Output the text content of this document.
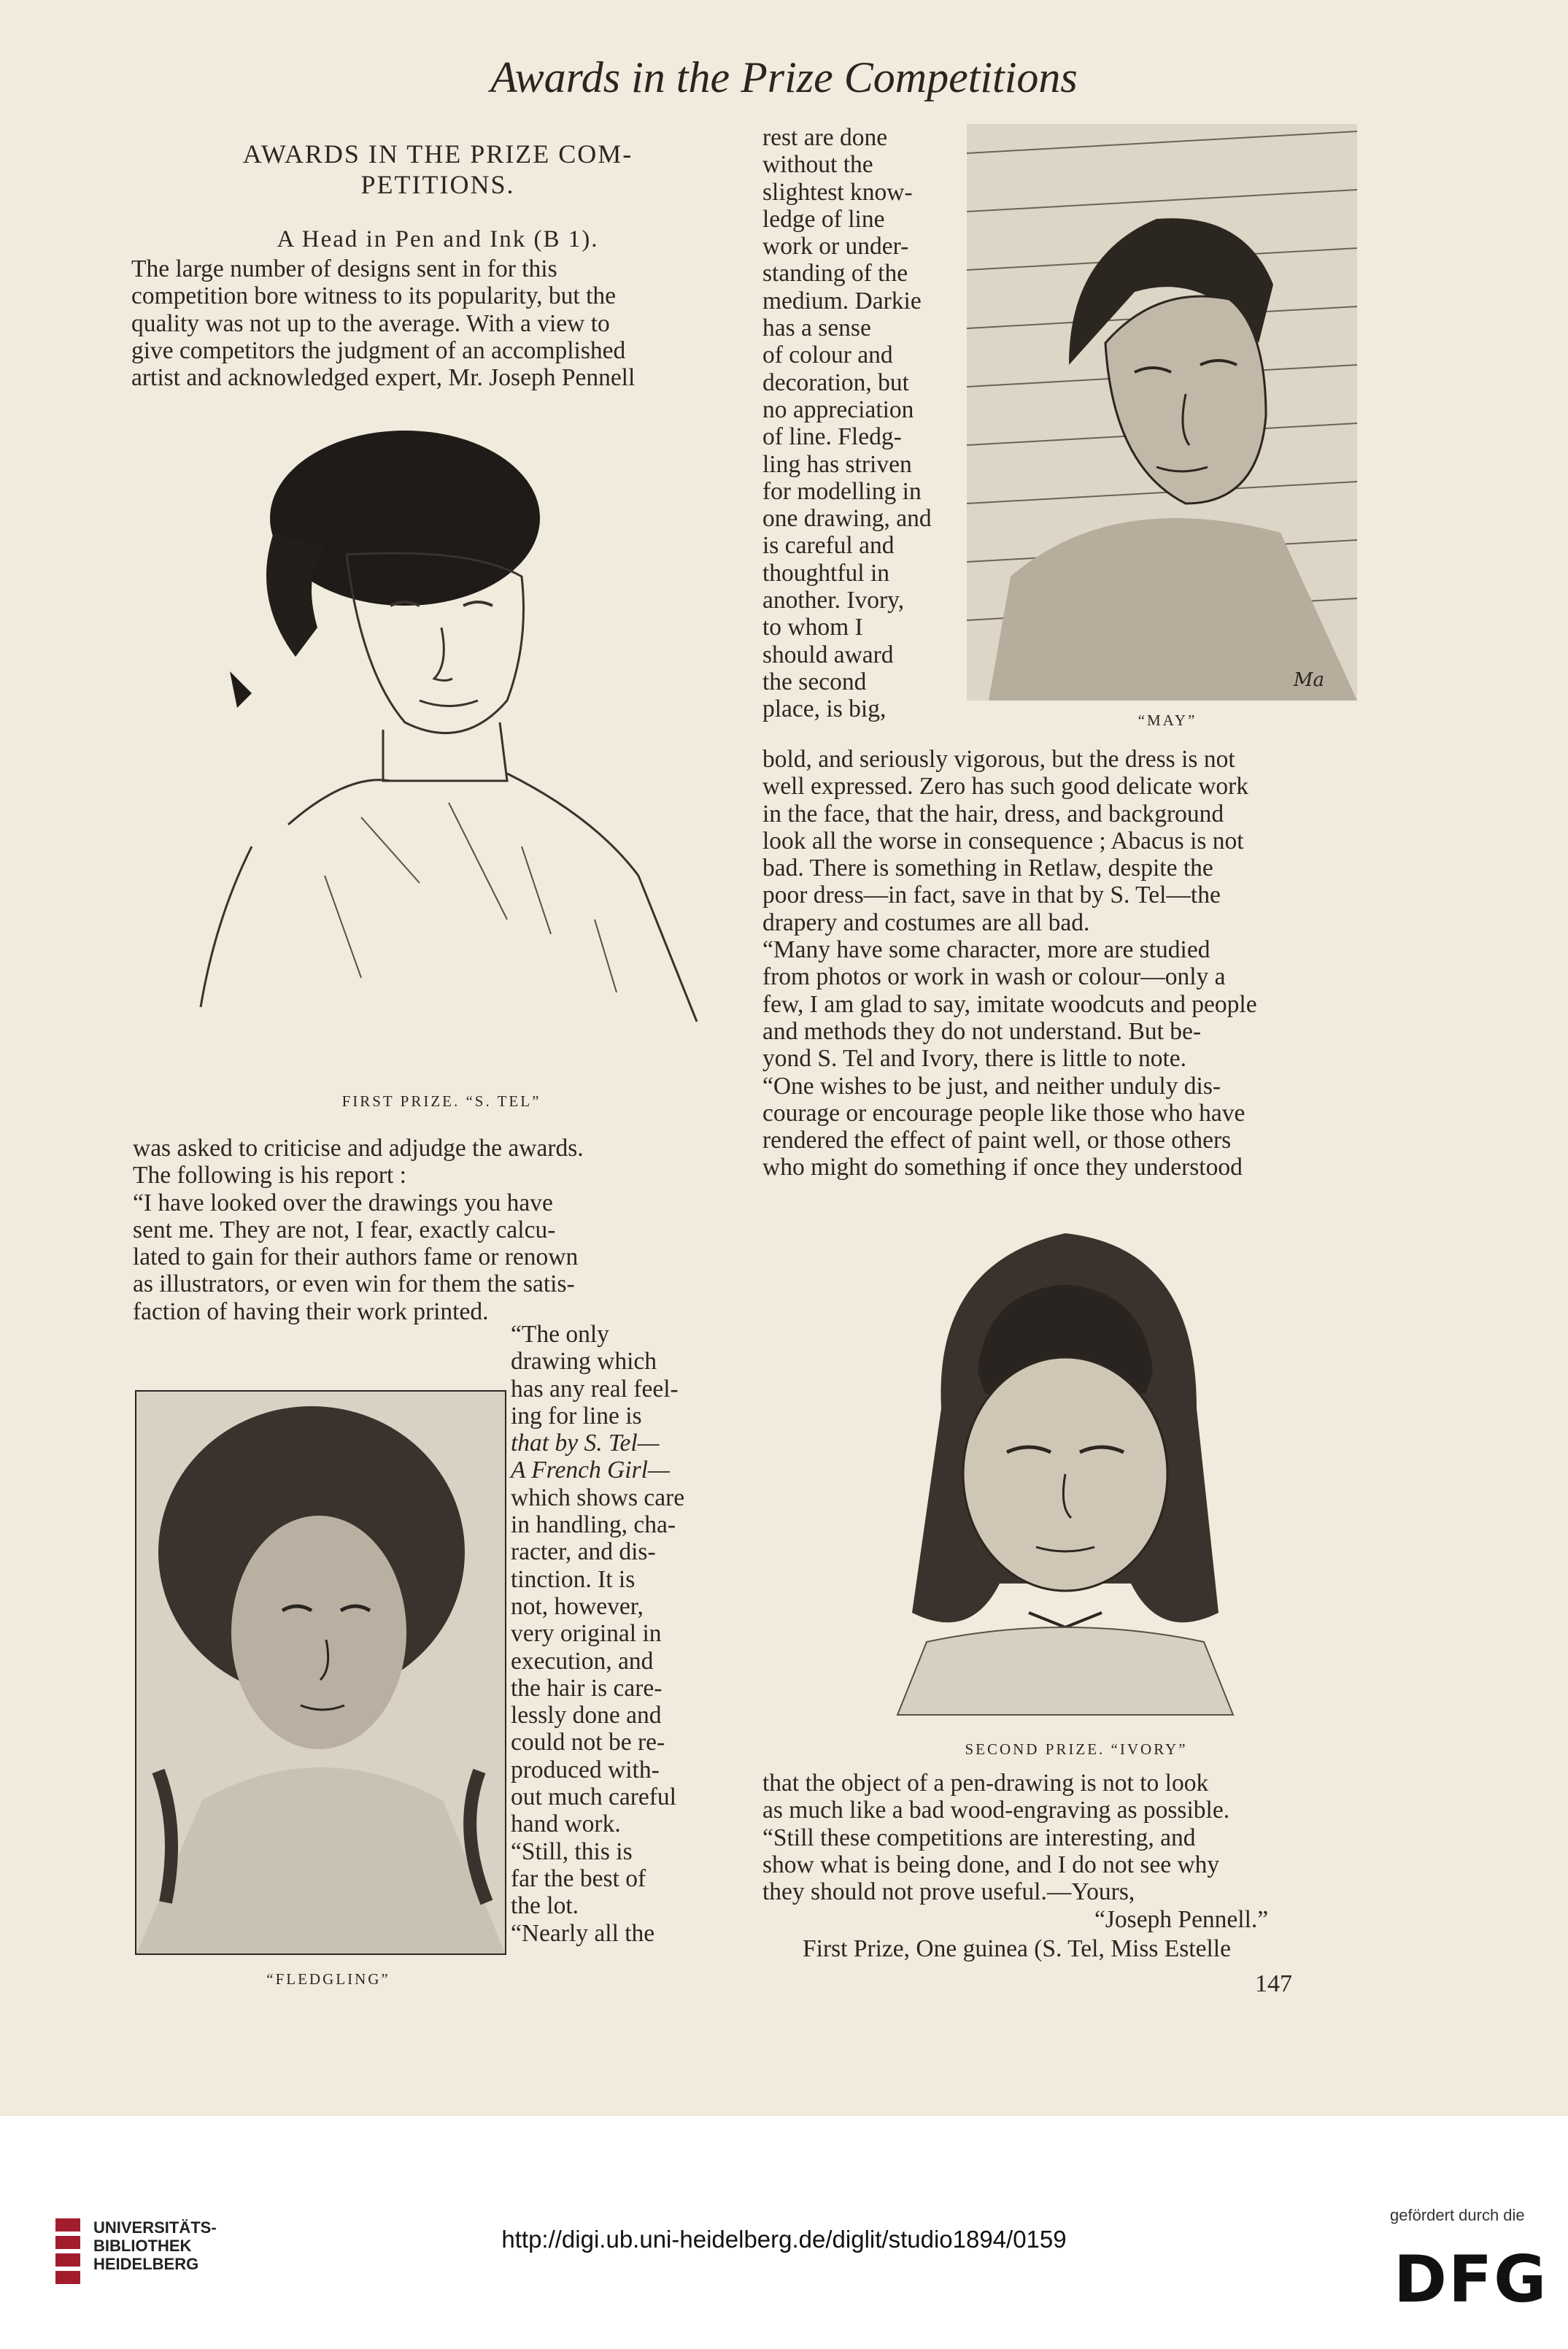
Awards in the Prize Competitions
AWARDS IN THE PRIZE COM-
PETITIONS.
A Head in Pen and Ink (B 1).
The large number of designs sent in for this
competition bore witness to its popularity, but the
quality was not up to the average. With a view to
give competitors the judgment of an accomplished
artist and acknowledged expert, Mr. Joseph Pennell
FIRST PRIZE. “S. TEL”
was asked to criticise and adjudge the awards.
The following is his report :
“I have looked over the drawings you have
sent me. They are not, I fear, exactly calcu-
lated to gain for their authors fame or renown
as illustrators, or even win for them the satis-
faction of having their work printed.
“FLEDGLING”
“The only
drawing which
has any real feel-
ing for line is
that by S. Tel—
A French Girl—
which shows care
in handling, cha-
racter, and dis-
tinction. It is
not, however,
very original in
execution, and
the hair is care-
lessly done and
could not be re-
produced with-
out much careful
hand work.
“Still, this is
far the best of
the lot.
“Nearly all the
rest are done
without the
slightest know-
ledge of line
work or under-
standing of the
medium. Darkie
has a sense
of colour and
decoration, but
no appreciation
of line. Fledg-
ling has striven
for modelling in
one drawing, and
is careful and
thoughtful in
another. Ivory,
to whom I
should award
the second
place, is big,
Ma
“MAY”
bold, and seriously vigorous, but the dress is not
well expressed. Zero has such good delicate work
in the face, that the hair, dress, and background
look all the worse in consequence ; Abacus is not
bad. There is something in Retlaw, despite the
poor dress—in fact, save in that by S. Tel—the
drapery and costumes are all bad.
“Many have some character, more are studied
from photos or work in wash or colour—only a
few, I am glad to say, imitate woodcuts and people
and methods they do not understand. But be-
yond S. Tel and Ivory, there is little to note.
“One wishes to be just, and neither unduly dis-
courage or encourage people like those who have
rendered the effect of paint well, or those others
who might do something if once they understood
SECOND PRIZE. “IVORY”
that the object of a pen-drawing is not to look
as much like a bad wood-engraving as possible.
“Still these competitions are interesting, and
show what is being done, and I do not see why
they should not prove useful.—Yours,
“Joseph Pennell.”
First Prize, One guinea (S. Tel, Miss Estelle
147
UNIVERSITÄTS-
BIBLIOTHEK
HEIDELBERG
http://digi.ub.uni-heidelberg.de/diglit/studio1894/0159
gefördert durch die
DFG
